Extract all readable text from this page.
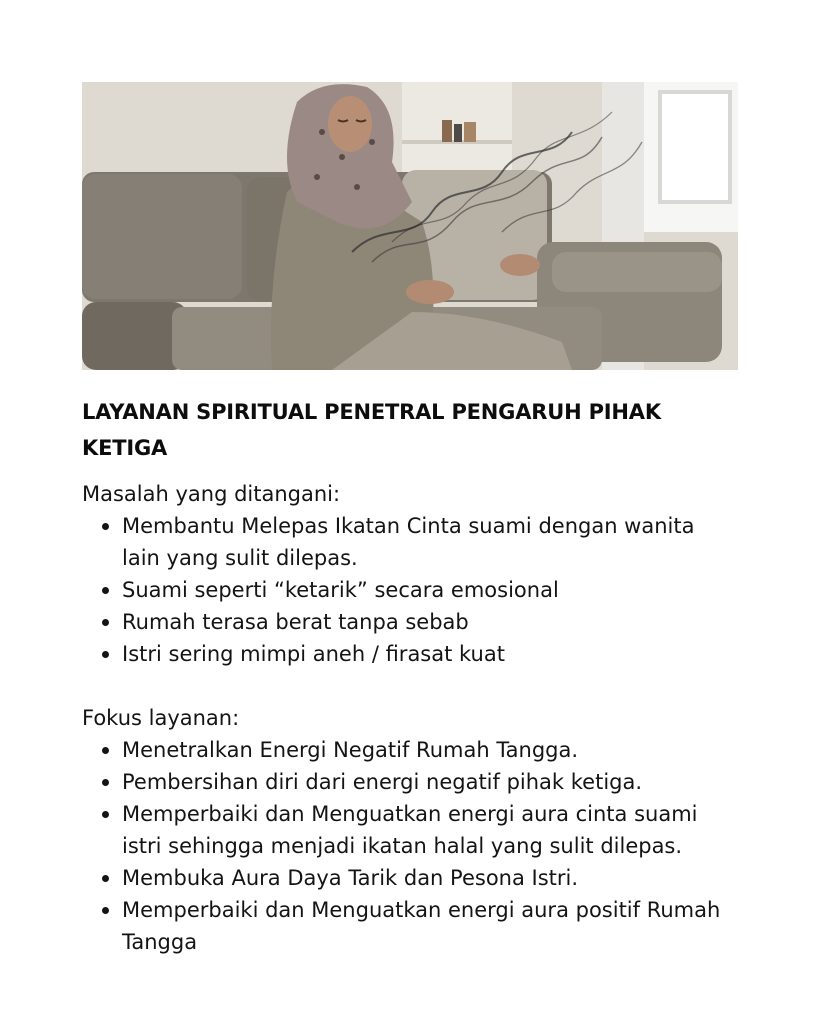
LAYANAN SPIRITUAL PENETRAL PENGARUH PIHAK KETIGA

Masalah yang ditangani:

Membantu Melepas Ikatan Cinta suami dengan wanita lain yang sulit dilepas.
Suami seperti “ketarik” secara emosional
Rumah terasa berat tanpa sebab
Istri sering mimpi aneh / firasat kuat

Fokus layanan:

Menetralkan Energi Negatif Rumah Tangga.
Pembersihan diri dari energi negatif pihak ketiga.
Memperbaiki dan Menguatkan energi aura cinta suami istri sehingga menjadi ikatan halal yang sulit dilepas.
Membuka Aura Daya Tarik dan Pesona Istri.
Memperbaiki dan Menguatkan energi aura positif Rumah Tangga
